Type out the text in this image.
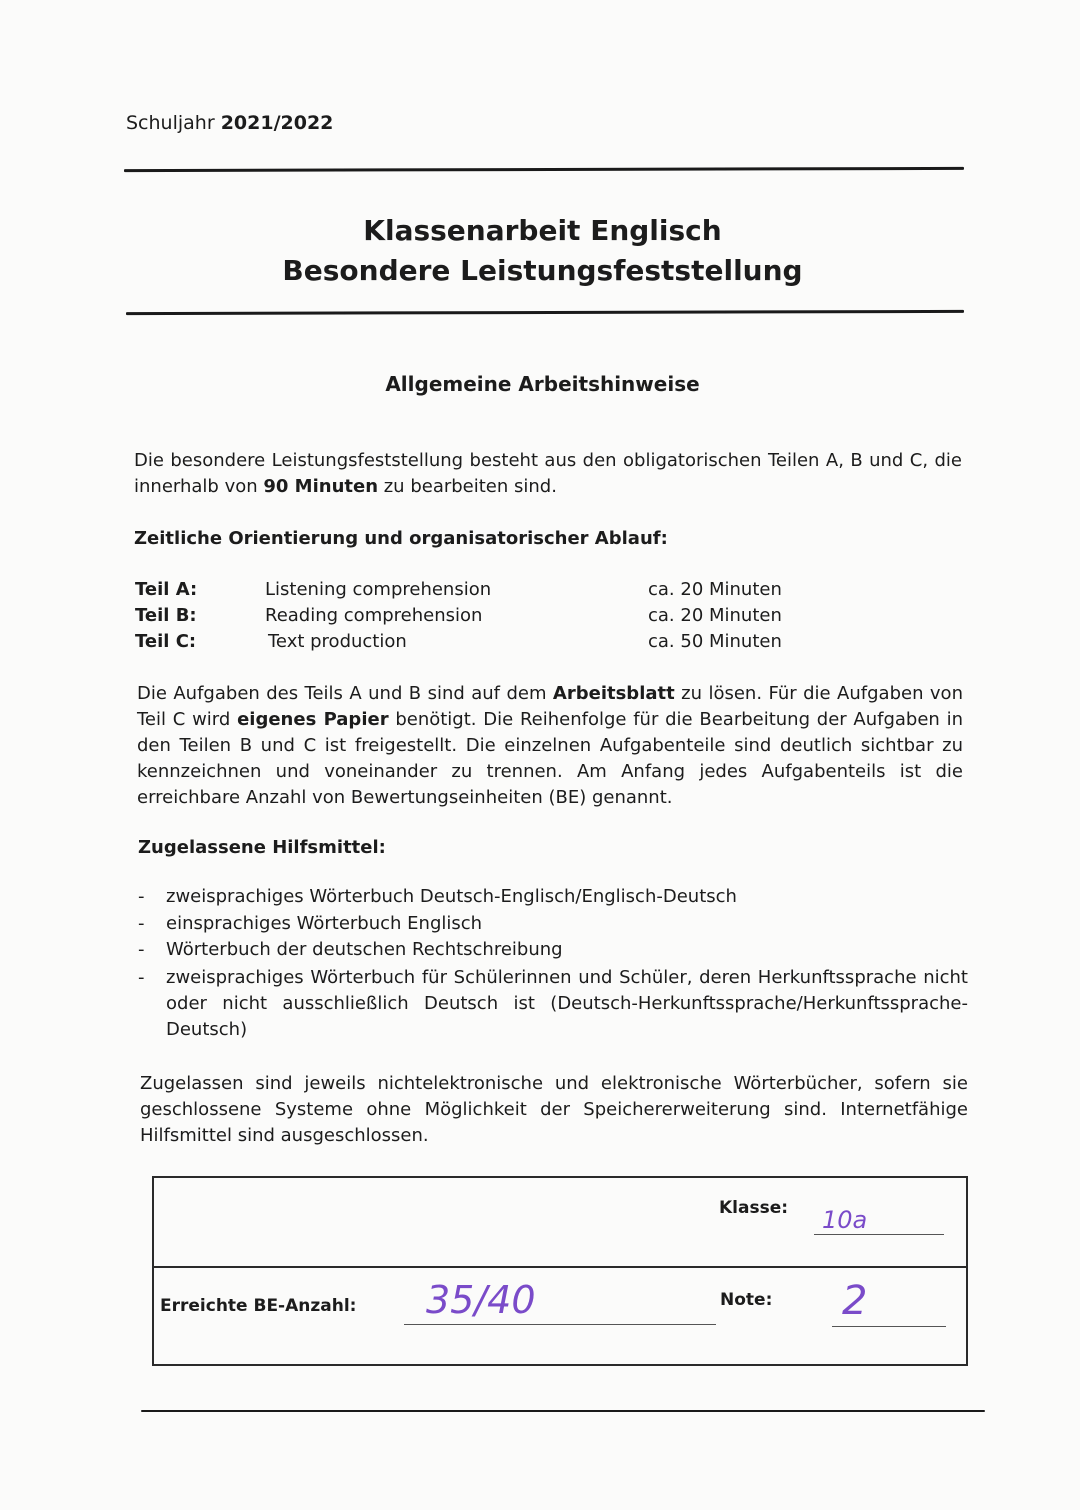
Schuljahr 2021/2022
Klassenarbeit Englisch
Besondere Leistungsfeststellung
Allgemeine Arbeitshinweise
Die besondere Leistungsfeststellung besteht aus den obligatorischen Teilen A, B und C, die innerhalb von 90 Minuten zu bearbeiten sind.
Zeitliche Orientierung und organisatorischer Ablauf:
Teil A:	Listening comprehension	ca. 20 Minuten
Teil B:	Reading comprehension	ca. 20 Minuten
Teil C:	Text production	ca. 50 Minuten
Die Aufgaben des Teils A und B sind auf dem Arbeitsblatt zu lösen. Für die Aufgaben von Teil C wird eigenes Papier benötigt. Die Reihenfolge für die Bearbeitung der Aufgaben in den Teilen B und C ist freigestellt. Die einzelnen Aufgabenteile sind deutlich sichtbar zu kennzeichnen und voneinander zu trennen. Am Anfang jedes Aufgabenteils ist die erreichbare Anzahl von Bewertungseinheiten (BE) genannt.
Zugelassene Hilfsmittel:
- zweisprachiges Wörterbuch Deutsch-Englisch/Englisch-Deutsch
- einsprachiges Wörterbuch Englisch
- Wörterbuch der deutschen Rechtschreibung
- zweisprachiges Wörterbuch für Schülerinnen und Schüler, deren Herkunftssprache nicht oder nicht ausschließlich Deutsch ist (Deutsch-Herkunftssprache/Herkunftssprache-Deutsch)
Zugelassen sind jeweils nichtelektronische und elektronische Wörterbücher, sofern sie geschlossene Systeme ohne Möglichkeit der Speichererweiterung sind. Internetfähige Hilfsmittel sind ausgeschlossen.
Klasse: 10a
Erreichte BE-Anzahl: 35/40	Note: 2
